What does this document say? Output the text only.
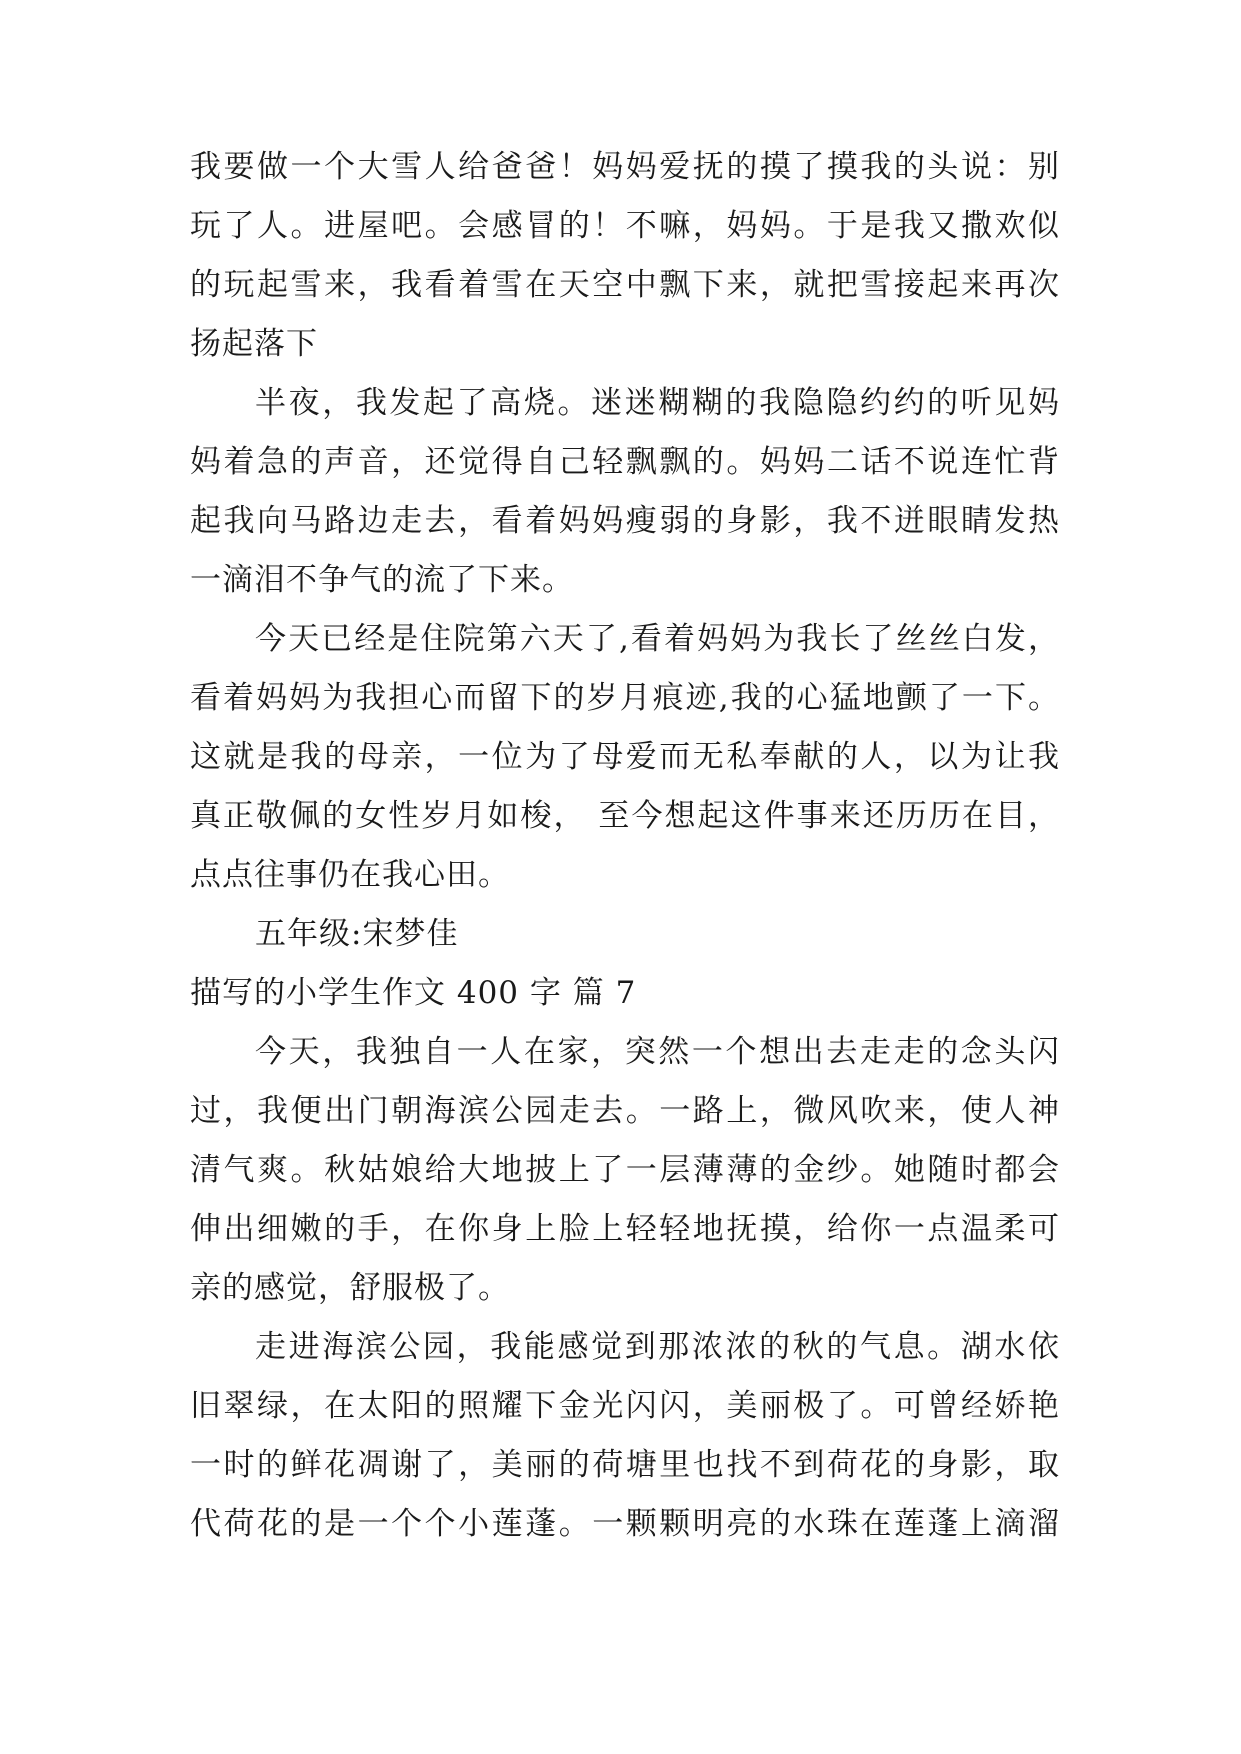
我要做一个大雪人给爸爸！妈妈爱抚的摸了摸我的头说：别
玩了人。进屋吧。会感冒的！不嘛，妈妈。于是我又撒欢似
的玩起雪来，我看着雪在天空中飘下来，就把雪接起来再次
扬起落下
半夜，我发起了高烧。迷迷糊糊的我隐隐约约的听见妈
妈着急的声音，还觉得自己轻飘飘的。妈妈二话不说连忙背
起我向马路边走去，看着妈妈瘦弱的身影，我不迸眼睛发热
一滴泪不争气的流了下来。
今天已经是住院第六天了,看着妈妈为我长了丝丝白发，
看着妈妈为我担心而留下的岁月痕迹,我的心猛地颤了一下。
这就是我的母亲，一位为了母爱而无私奉献的人，以为让我
真正敬佩的女性岁月如梭， 至今想起这件事来还历历在目，
点点往事仍在我心田。
五年级:宋梦佳
描写的小学生作文 400 字 篇 7
今天，我独自一人在家，突然一个想出去走走的念头闪
过，我便出门朝海滨公园走去。一路上，微风吹来，使人神
清气爽。秋姑娘给大地披上了一层薄薄的金纱。她随时都会
伸出细嫩的手，在你身上脸上轻轻地抚摸，给你一点温柔可
亲的感觉，舒服极了。
走进海滨公园，我能感觉到那浓浓的秋的气息。湖水依
旧翠绿，在太阳的照耀下金光闪闪，美丽极了。可曾经娇艳
一时的鲜花凋谢了，美丽的荷塘里也找不到荷花的身影，取
代荷花的是一个个小莲蓬。一颗颗明亮的水珠在莲蓬上滴溜
